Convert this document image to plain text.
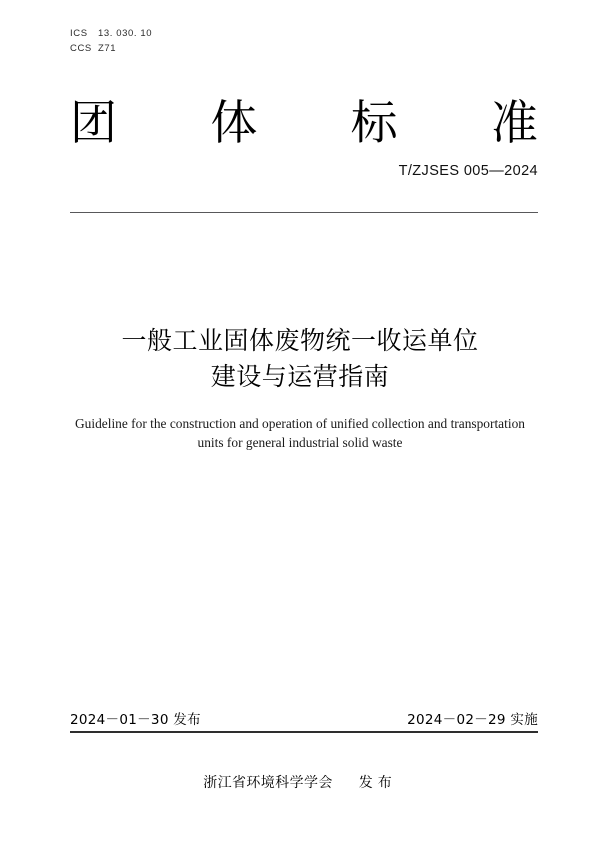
ICS	13. 030. 10
CCS Z71
团 体 标 准
T/ZJSES 005—2024
一般工业固体废物统一收运单位
建设与运营指南
Guideline for the construction and operation of unified collection and transportation
units for general industrial solid waste
2024－01－30 发布	2024－02－29 实施
浙江省环境科学学会 发布
